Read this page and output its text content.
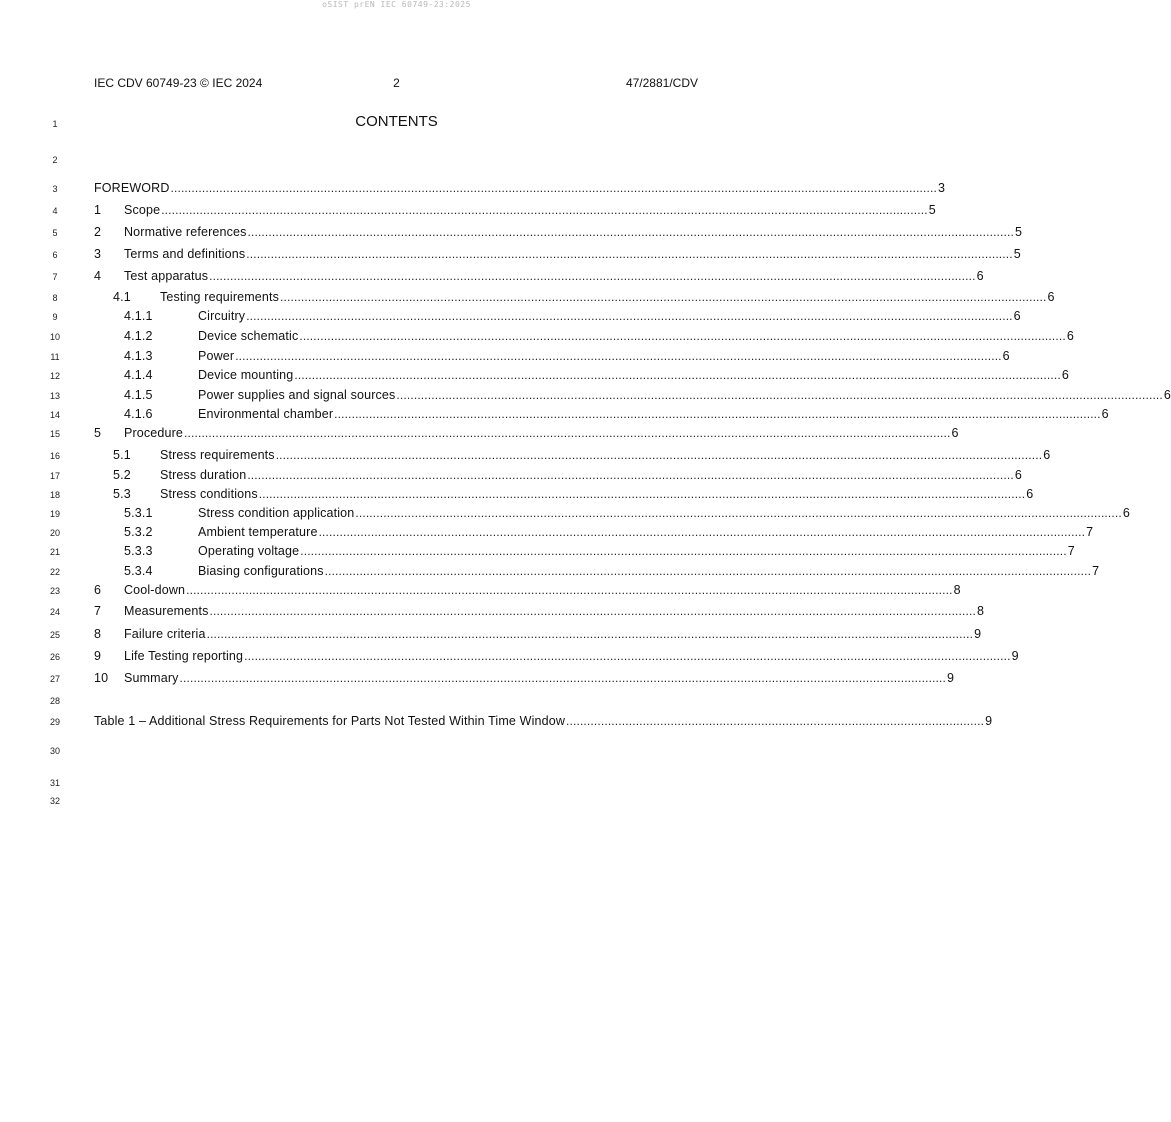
oSIST prEN IEC 60749-23:2025
IEC CDV 60749-23 © IEC 2024	2	47/2881/CDV
CONTENTS
1
2
3
4
5
6
7
8
9
10
11
12
13
14
15
16
17
18
19
20
21
22
23
24
25
26
27
28
29
30
31
32
FOREWORD ............................................................................................................................................................................................................................ 3
1	Scope ............................................................................................................................................................................................................................ 5
2	Normative references ............................................................................................................................................................................................................................ 5
3	Terms and definitions ............................................................................................................................................................................................................................ 5
4	Test apparatus ............................................................................................................................................................................................................................ 6
4.1	Testing requirements ............................................................................................................................................................................................................................ 6
4.1.1	Circuitry ............................................................................................................................................................................................................................ 6
4.1.2	Device schematic ............................................................................................................................................................................................................................ 6
4.1.3	Power ............................................................................................................................................................................................................................ 6
4.1.4	Device mounting ............................................................................................................................................................................................................................ 6
4.1.5	Power supplies and signal sources ............................................................................................................................................................................................................................ 6
4.1.6	Environmental chamber ............................................................................................................................................................................................................................ 6
5	Procedure ............................................................................................................................................................................................................................ 6
5.1	Stress requirements ............................................................................................................................................................................................................................ 6
5.2	Stress duration ............................................................................................................................................................................................................................ 6
5.3	Stress conditions ............................................................................................................................................................................................................................ 6
5.3.1	Stress condition application ............................................................................................................................................................................................................................ 6
5.3.2	Ambient temperature ............................................................................................................................................................................................................................ 7
5.3.3	Operating voltage ............................................................................................................................................................................................................................ 7
5.3.4	Biasing configurations ............................................................................................................................................................................................................................ 7
6	Cool-down ............................................................................................................................................................................................................................ 8
7	Measurements ............................................................................................................................................................................................................................ 8
8	Failure criteria ............................................................................................................................................................................................................................ 9
9	Life Testing reporting ............................................................................................................................................................................................................................ 9
10	Summary ............................................................................................................................................................................................................................ 9
Table 1 – Additional Stress Requirements for Parts Not Tested Within Time Window ........................................................................................................................ 9
